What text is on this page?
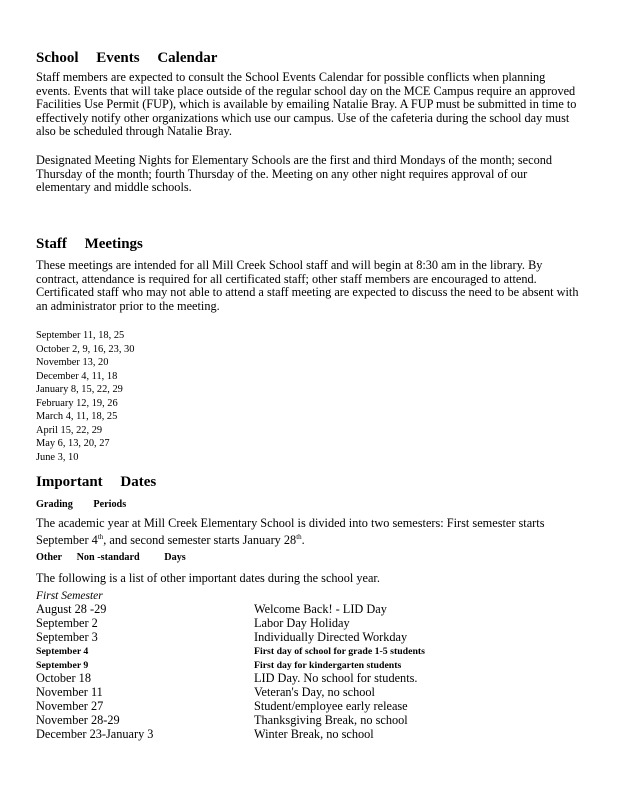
School Events Calendar

Staff members are expected to consult the School Events Calendar for possible conflicts when planning events. Events that will take place outside of the regular school day on the MCE Campus require an approved Facilities Use Permit (FUP), which is available by emailing Natalie Bray. A FUP must be submitted in time to effectively notify other organizations which use our campus. Use of the cafeteria during the school day must also be scheduled through Natalie Bray.

Designated Meeting Nights for Elementary Schools are the first and third Mondays of the month; second Thursday of the month; fourth Thursday of the. Meeting on any other night requires approval of our elementary and middle schools.

Staff Meetings

These meetings are intended for all Mill Creek School staff and will begin at 8:30 am in the library. By contract, attendance is required for all certificated staff; other staff members are encouraged to attend. Certificated staff who may not able to attend a staff meeting are expected to discuss the need to be absent with an administrator prior to the meeting.

September 11, 18, 25
October 2, 9, 16, 23, 30
November 13, 20
December 4, 11, 18
January 8, 15, 22, 29
February 12, 19, 26
March 4, 11, 18, 25
April 15, 22, 29
May 6, 13, 20, 27
June 3, 10
Important Dates
Grading Periods

The academic year at Mill Creek Elementary School is divided into two semesters: First semester starts September 4th, and second semester starts January 28th.

Other Non -standard Days

The following is a list of other important dates during the school year.

First Semester
August 28 -29	Welcome Back! - LID Day
September 2	Labor Day Holiday
September 3	Individually Directed Workday
September 4	First day of school for grade 1-5 students
September 9	First day for kindergarten students
October 18	LID Day. No school for students.
November 11	Veteran's Day, no school
November 27	Student/employee early release
November 28-29	Thanksgiving Break, no school
December 23-January 3	Winter Break, no school
